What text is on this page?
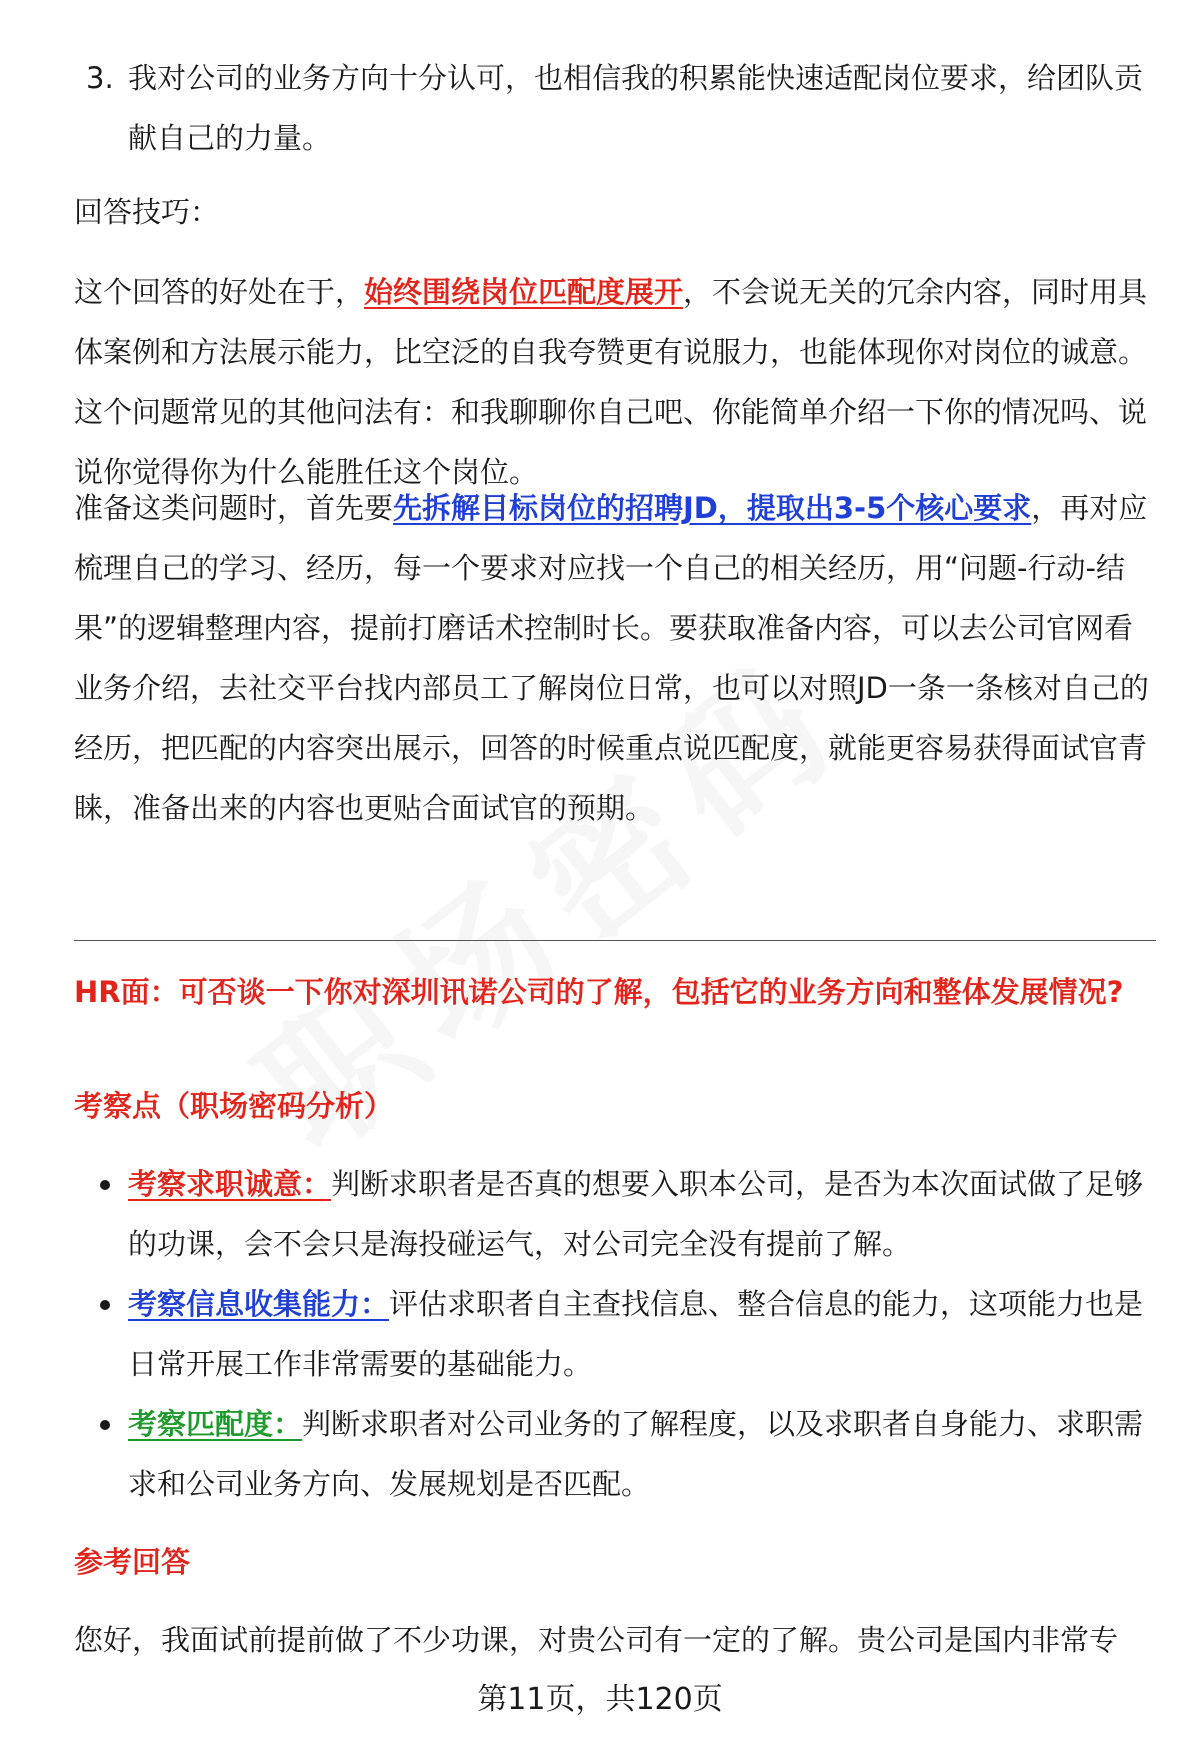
3. 我对公司的业务方向十分认可，也相信我的积累能快速适配岗位要求，给团队贡献自己的力量。

回答技巧：

这个回答的好处在于，始终围绕岗位匹配度展开，不会说无关的冗余内容，同时用具体案例和方法展示能力，比空泛的自我夸赞更有说服力，也能体现你对岗位的诚意。这个问题常见的其他问法有：和我聊聊你自己吧、你能简单介绍一下你的情况吗、说说你觉得你为什么能胜任这个岗位。

准备这类问题时，首先要先拆解目标岗位的招聘JD，提取出3-5个核心要求，再对应梳理自己的学习、经历，每一个要求对应找一个自己的相关经历，用“问题-行动-结果”的逻辑整理内容，提前打磨话术控制时长。要获取准备内容，可以去公司官网看业务介绍，去社交平台找内部员工了解岗位日常，也可以对照JD一条一条核对自己的经历，把匹配的内容突出展示，回答的时候重点说匹配度，就能更容易获得面试官青睐，准备出来的内容也更贴合面试官的预期。

HR面：可否谈一下你对深圳讯诺公司的了解，包括它的业务方向和整体发展情况?
考察点（职场密码分析）
考察求职诚意：判断求职者是否真的想要入职本公司，是否为本次面试做了足够的功课，会不会只是海投碰运气，对公司完全没有提前了解。
考察信息收集能力：评估求职者自主查找信息、整合信息的能力，这项能力也是日常开展工作非常需要的基础能力。
考察匹配度：判断求职者对公司业务的了解程度，以及求职者自身能力、求职需求和公司业务方向、发展规划是否匹配。
参考回答

您好，我面试前提前做了不少功课，对贵公司有一定的了解。贵公司是国内非常专

第11页，共120页
